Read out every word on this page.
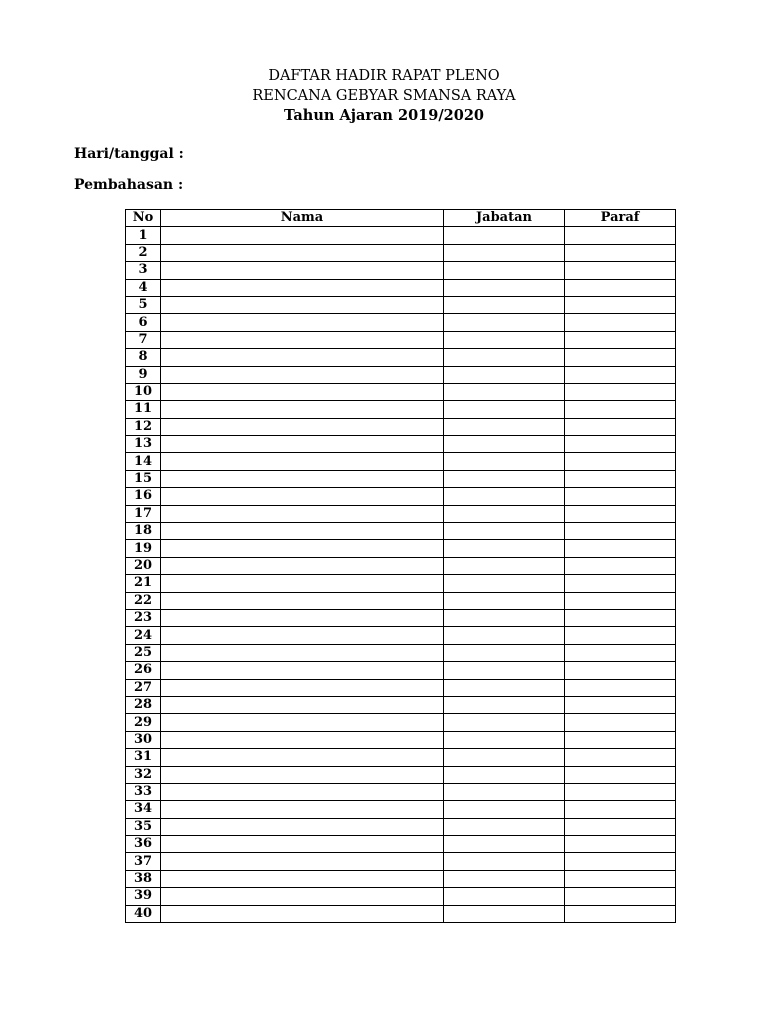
DAFTAR HADIR RAPAT PLENO
RENCANA GEBYAR SMANSA RAYA
Tahun Ajaran 2019/2020
Hari/tanggal :
Pembahasan :
No	Nama	Jabatan	Paraf
1			
2			
3			
4			
5			
6			
7			
8			
9			
10			
11			
12			
13			
14			
15			
16			
17			
18			
19			
20			
21			
22			
23			
24			
25			
26			
27			
28			
29			
30			
31			
32			
33			
34			
35			
36			
37			
38			
39			
40			
